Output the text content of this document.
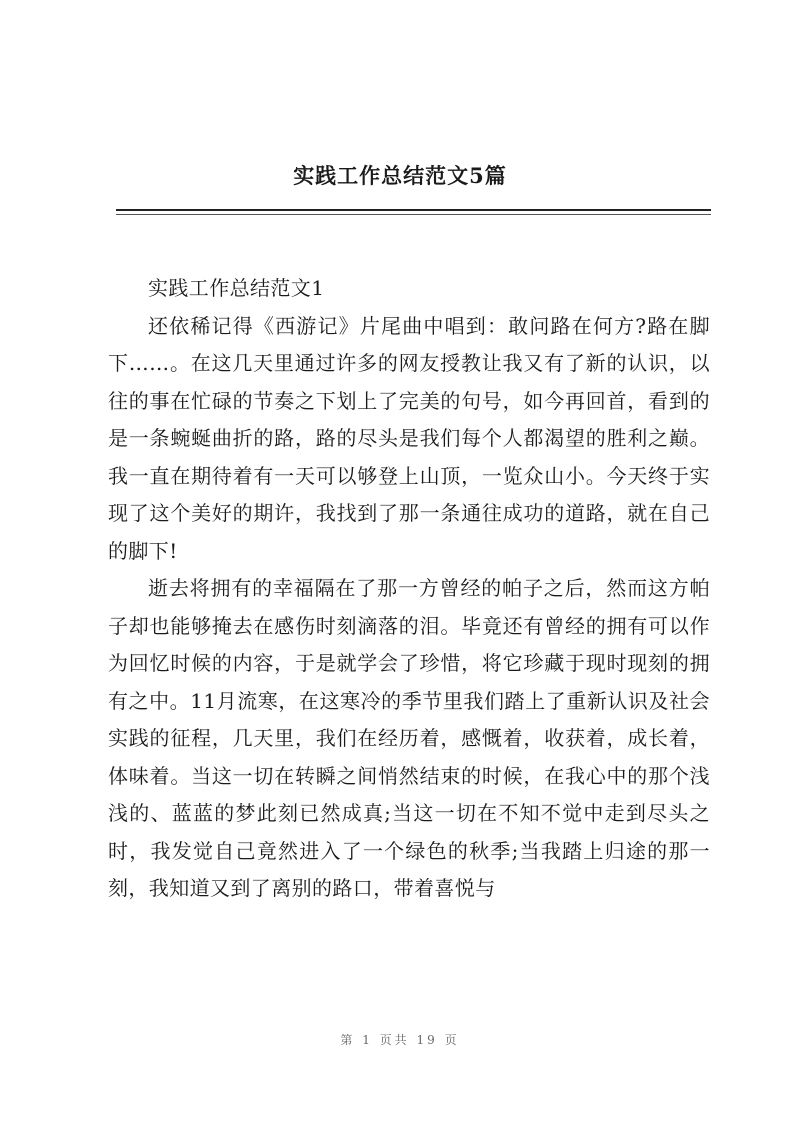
实践工作总结范文5篇
实践工作总结范文1

还依稀记得《西游记》片尾曲中唱到：敢问路在何方?路在脚下……。在这几天里通过许多的网友授教让我又有了新的认识，以往的事在忙碌的节奏之下划上了完美的句号，如今再回首，看到的是一条蜿蜒曲折的路，路的尽头是我们每个人都渴望的胜利之巅。我一直在期待着有一天可以够登上山顶，一览众山小。今天终于实现了这个美好的期许，我找到了那一条通往成功的道路，就在自己的脚下!

逝去将拥有的幸福隔在了那一方曾经的帕子之后，然而这方帕子却也能够掩去在感伤时刻滴落的泪。毕竟还有曾经的拥有可以作为回忆时候的内容，于是就学会了珍惜，将它珍藏于现时现刻的拥有之中。11月流寒，在这寒冷的季节里我们踏上了重新认识及社会实践的征程，几天里，我们在经历着，感慨着，收获着，成长着，体味着。当这一切在转瞬之间悄然结束的时候，在我心中的那个浅浅的、蓝蓝的梦此刻已然成真;当这一切在不知不觉中走到尽头之时，我发觉自己竟然进入了一个绿色的秋季;当我踏上归途的那一刻，我知道又到了离别的路口，带着喜悦与

第 1 页共 19 页
